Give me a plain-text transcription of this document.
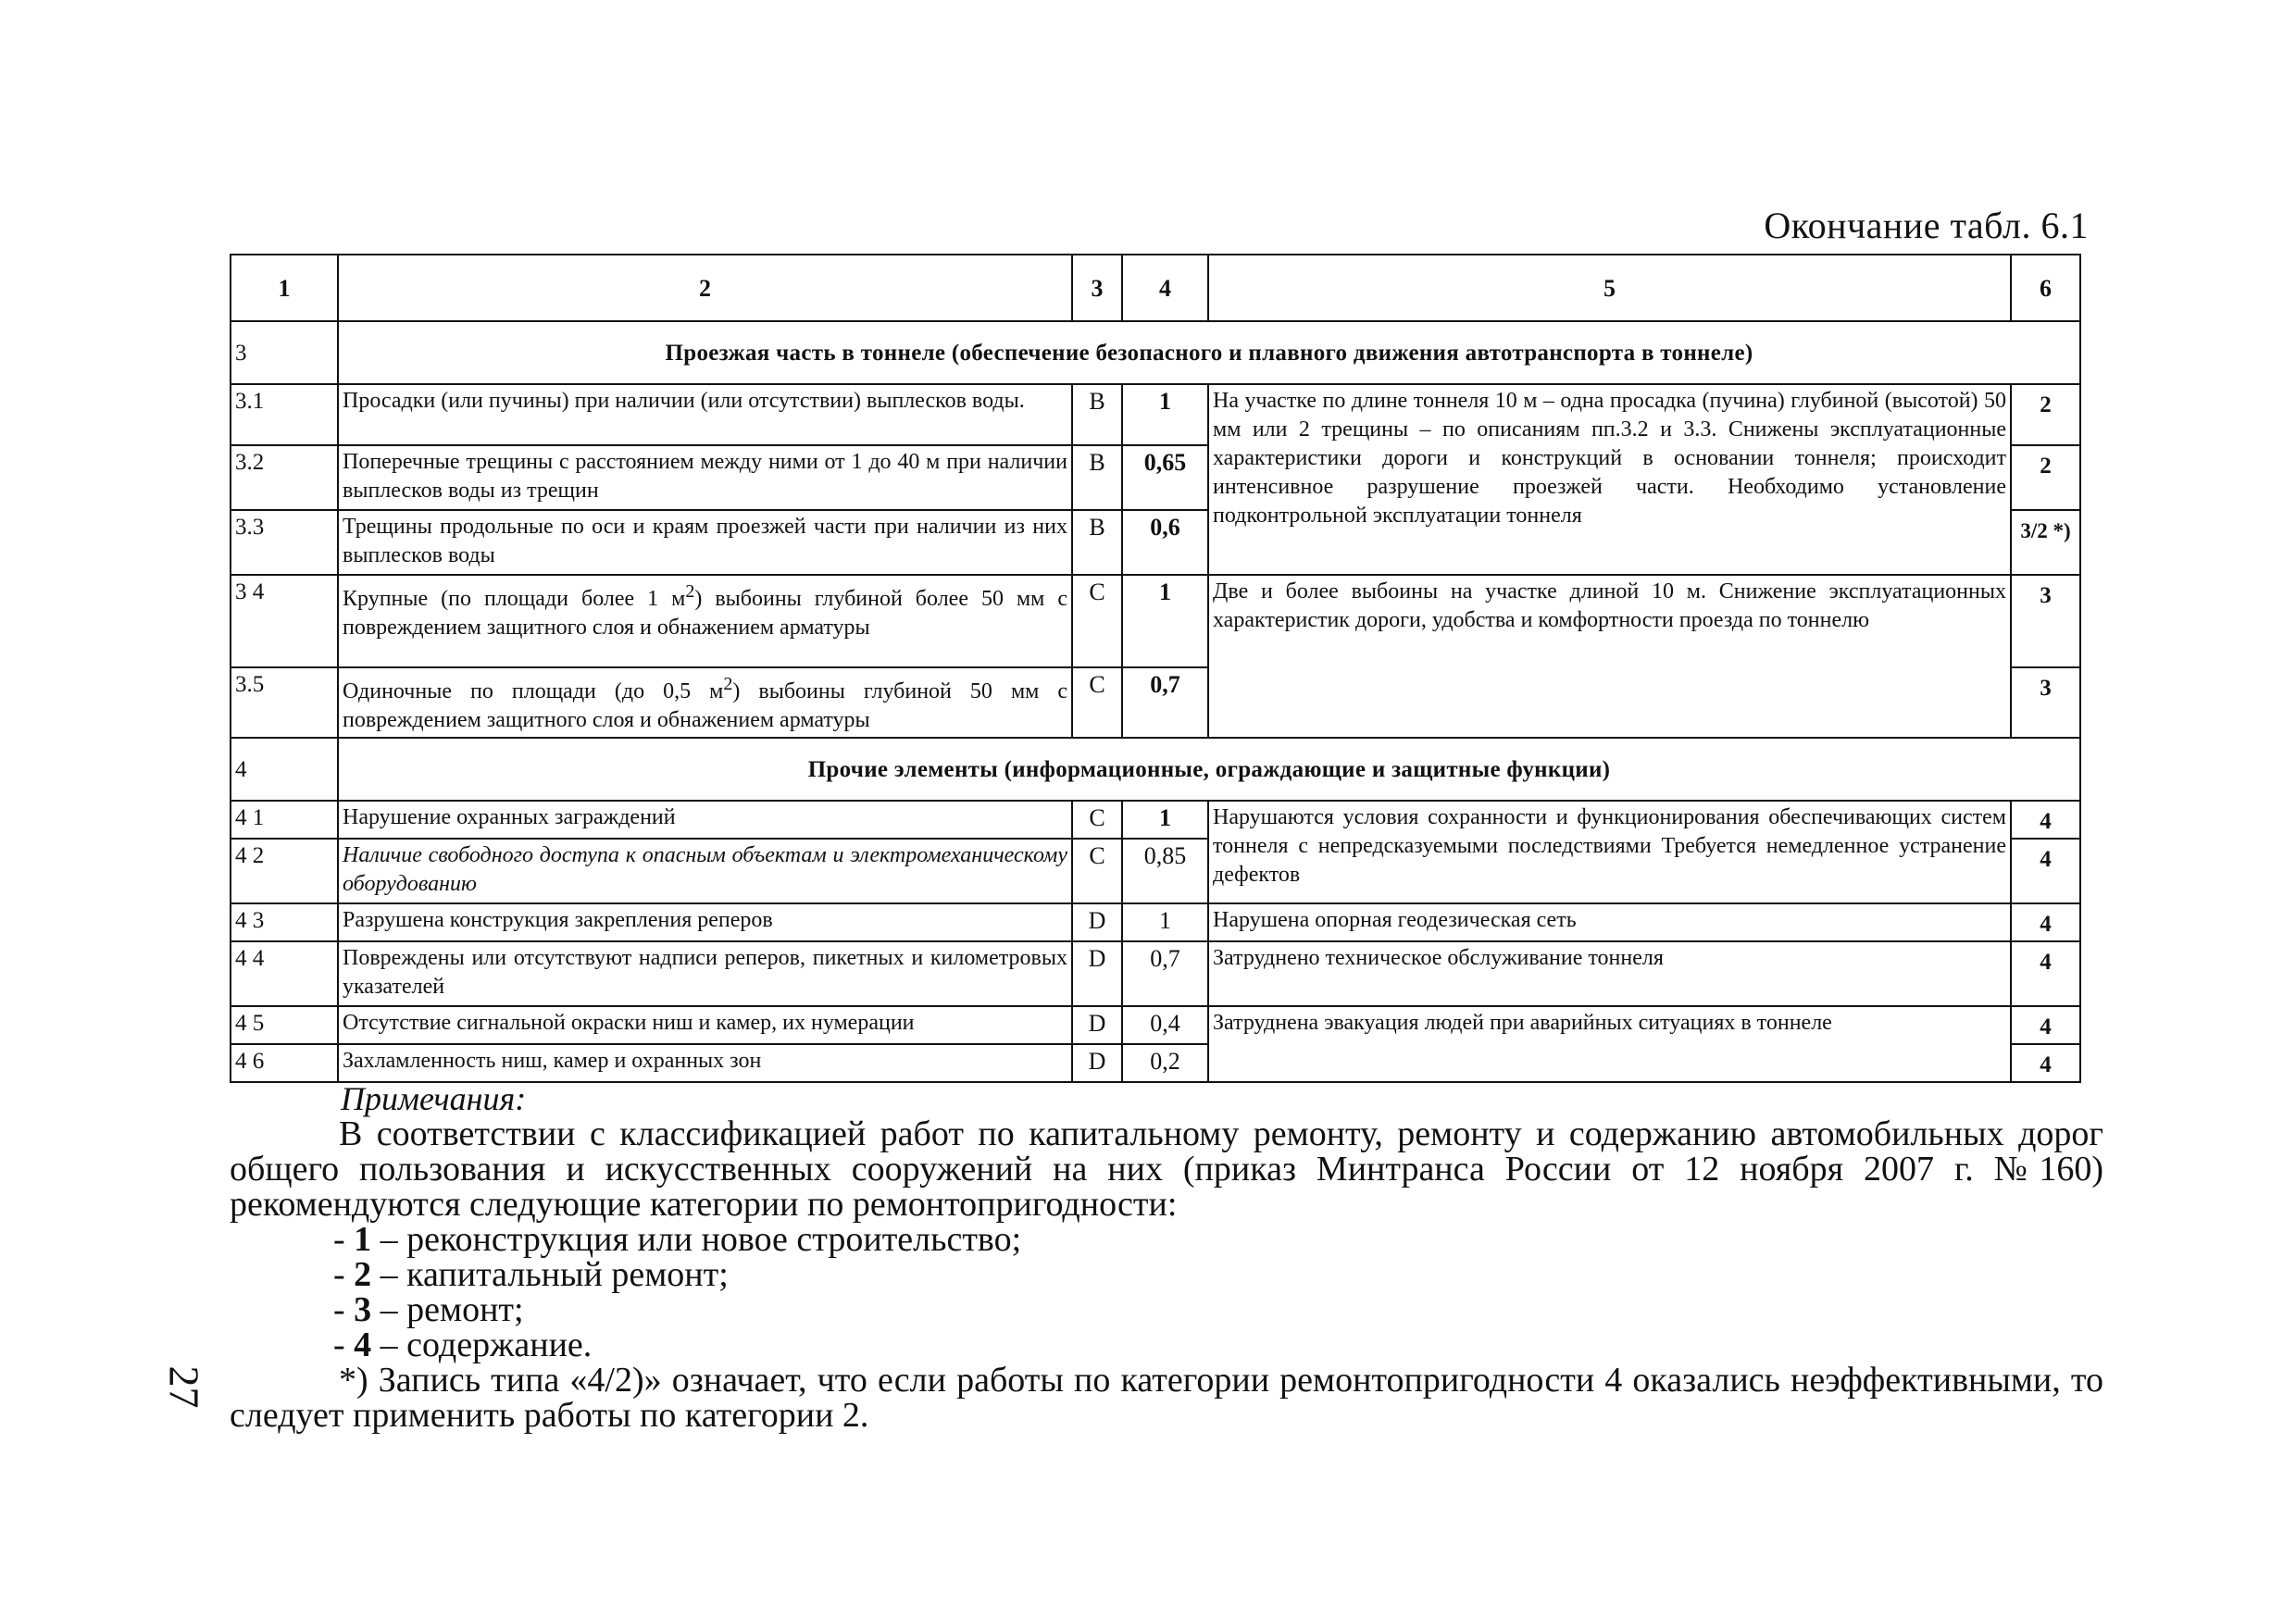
Окончание табл. 6.1
1	2	3	4	5	6
3	Проезжая часть в тоннеле (обеспечение безопасного и плавного движения автотранспорта в тоннеле)				
3.1	Просадки (или пучины) при наличии (или отсутствии) выплесков воды.	B	1	На участке по длине тоннеля 10 м – одна просадка (пучина) глубиной (высотой) 50 мм или 2 трещины – по описаниям пп.3.2 и 3.3. Снижены эксплуатационные характеристики дороги и конструкций в основании тоннеля; происходит интенсивное разрушение проезжей части. Необходимо установление подконтрольной эксплуатации тоннеля	2
3.2	Поперечные трещины с расстоянием между ними от 1 до 40 м при наличии выплесков воды из трещин	B	0,65		2
3.3	Трещины продольные по оси и краям проезжей части при наличии из них выплесков воды	B	0,6		3/2 *)
3 4	Крупные (по площади более 1 $м^2$) выбоины глубиной более 50 мм с повреждением защитного слоя и обнажением арматуры	C	1	Две и более выбоины на участке длиной 10 м. Снижение эксплуатационных характеристик дороги, удобства и комфортности проезда по тоннелю	3
3.5	Одиночные по площади (до 0,5 $м^2$) выбоины глубиной 50 мм с повреждением защитного слоя и обнажением арматуры	C	0,7		3
4	Прочие элементы (информационные, ограждающие и защитные функции)				
4 1	Нарушение охранных заграждений	C	1	Нарушаются условия сохранности и функционирования обеспечивающих систем тоннеля с непредсказуемыми последствиями Требуется немедленное устранение дефектов	4
4 2	Наличие свободного доступа к опасным объектам и электромеханическому оборудованию	C	0,85		4
4 3	Разрушена конструкция закрепления реперов	D	1	Нарушена опорная геодезическая сеть	4
4 4	Повреждены или отсутствуют надписи реперов, пикетных и километровых указателей	D	0,7	Затруднено техническое обслуживание тоннеля	4
4 5	Отсутствие сигнальной окраски ниш и камер, их нумерации	D	0,4	Затруднена эвакуация людей при аварийных ситуациях в тоннеле	4
4 6	Захламленность ниш, камер и охранных зон	D	0,2		4
Примечания:

В соответствии с классификацией работ по капитальному ремонту, ремонту и содержанию автомобильных дорог общего пользования и искусственных сооружений на них (приказ Минтранса России от 12 ноября 2007 г. №160) рекомендуются следующие категории по ремонтопригодности:

- 1 – реконструкция или новое строительство;
- 2 – капитальный ремонт;
- 3 – ремонт;
- 4 – содержание.

*) Запись типа «4/2)» означает, что если работы по категории ремонтопригодности 4 оказались неэффективными, то следует применить работы по категории 2.

27
